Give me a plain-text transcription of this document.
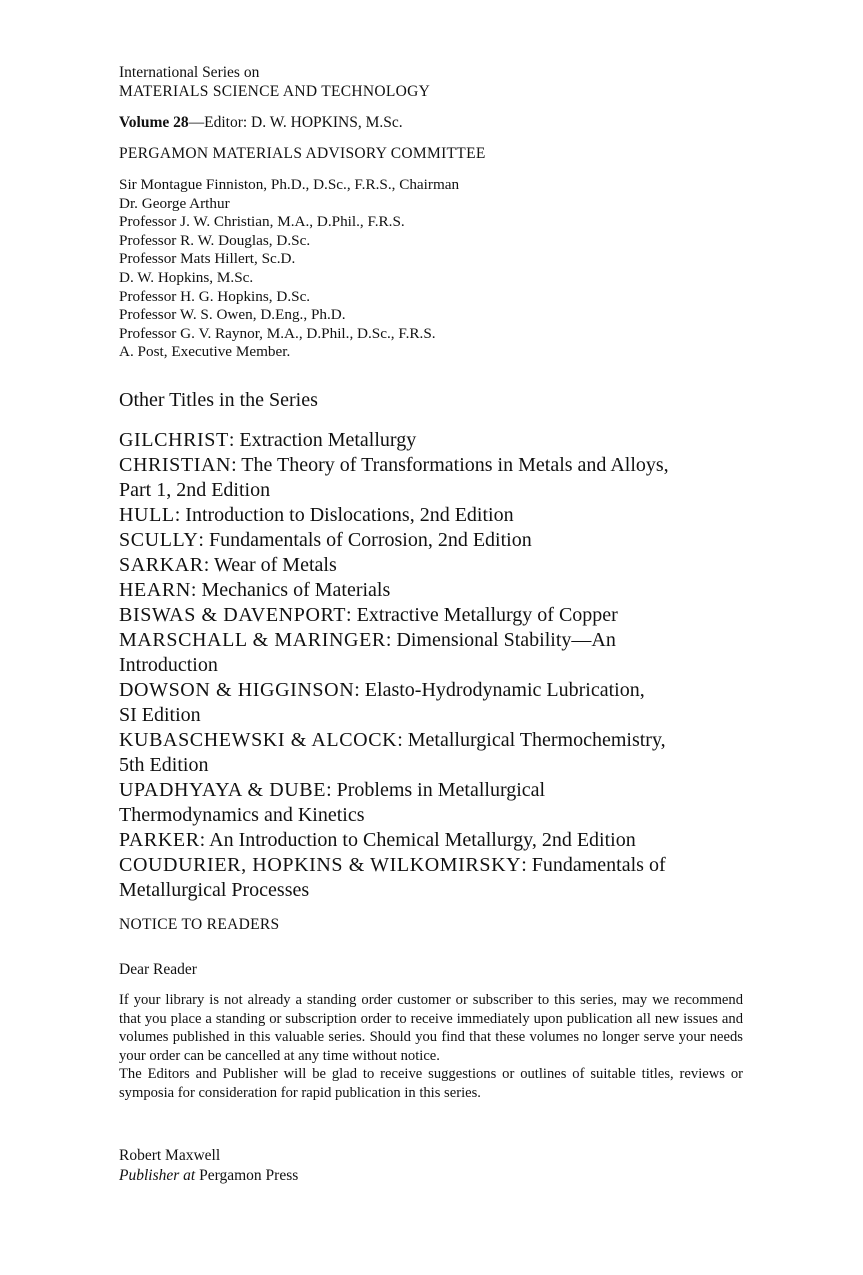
International Series on
MATERIALS SCIENCE AND TECHNOLOGY
Volume 28—Editor: D. W. HOPKINS, M.Sc.
PERGAMON MATERIALS ADVISORY COMMITTEE
Sir Montague Finniston, Ph.D., D.Sc., F.R.S., Chairman
Dr. George Arthur
Professor J. W. Christian, M.A., D.Phil., F.R.S.
Professor R. W. Douglas, D.Sc.
Professor Mats Hillert, Sc.D.
D. W. Hopkins, M.Sc.
Professor H. G. Hopkins, D.Sc.
Professor W. S. Owen, D.Eng., Ph.D.
Professor G. V. Raynor, M.A., D.Phil., D.Sc., F.R.S.
A. Post, Executive Member.
Other Titles in the Series
GILCHRIST: Extraction Metallurgy
CHRISTIAN: The Theory of Transformations in Metals and Alloys,
Part 1, 2nd Edition
HULL: Introduction to Dislocations, 2nd Edition
SCULLY: Fundamentals of Corrosion, 2nd Edition
SARKAR: Wear of Metals
HEARN: Mechanics of Materials
BISWAS & DAVENPORT: Extractive Metallurgy of Copper
MARSCHALL & MARINGER: Dimensional Stability—An
Introduction
DOWSON & HIGGINSON: Elasto-Hydrodynamic Lubrication,
SI Edition
KUBASCHEWSKI & ALCOCK: Metallurgical Thermochemistry,
5th Edition
UPADHYAYA & DUBE: Problems in Metallurgical
Thermodynamics and Kinetics
PARKER: An Introduction to Chemical Metallurgy, 2nd Edition
COUDURIER, HOPKINS & WILKOMIRSKY: Fundamentals of
Metallurgical Processes
NOTICE TO READERS
Dear Reader

If your library is not already a standing order customer or subscriber to this series, may we recommend that you place a standing or subscription order to receive immediately upon publication all new issues and volumes published in this valuable series. Should you find that these volumes no longer serve your needs your order can be cancelled at any time without notice.

The Editors and Publisher will be glad to receive suggestions or outlines of suitable titles, reviews or symposia for consideration for rapid publication in this series.

Robert Maxwell
Publisher at Pergamon Press
